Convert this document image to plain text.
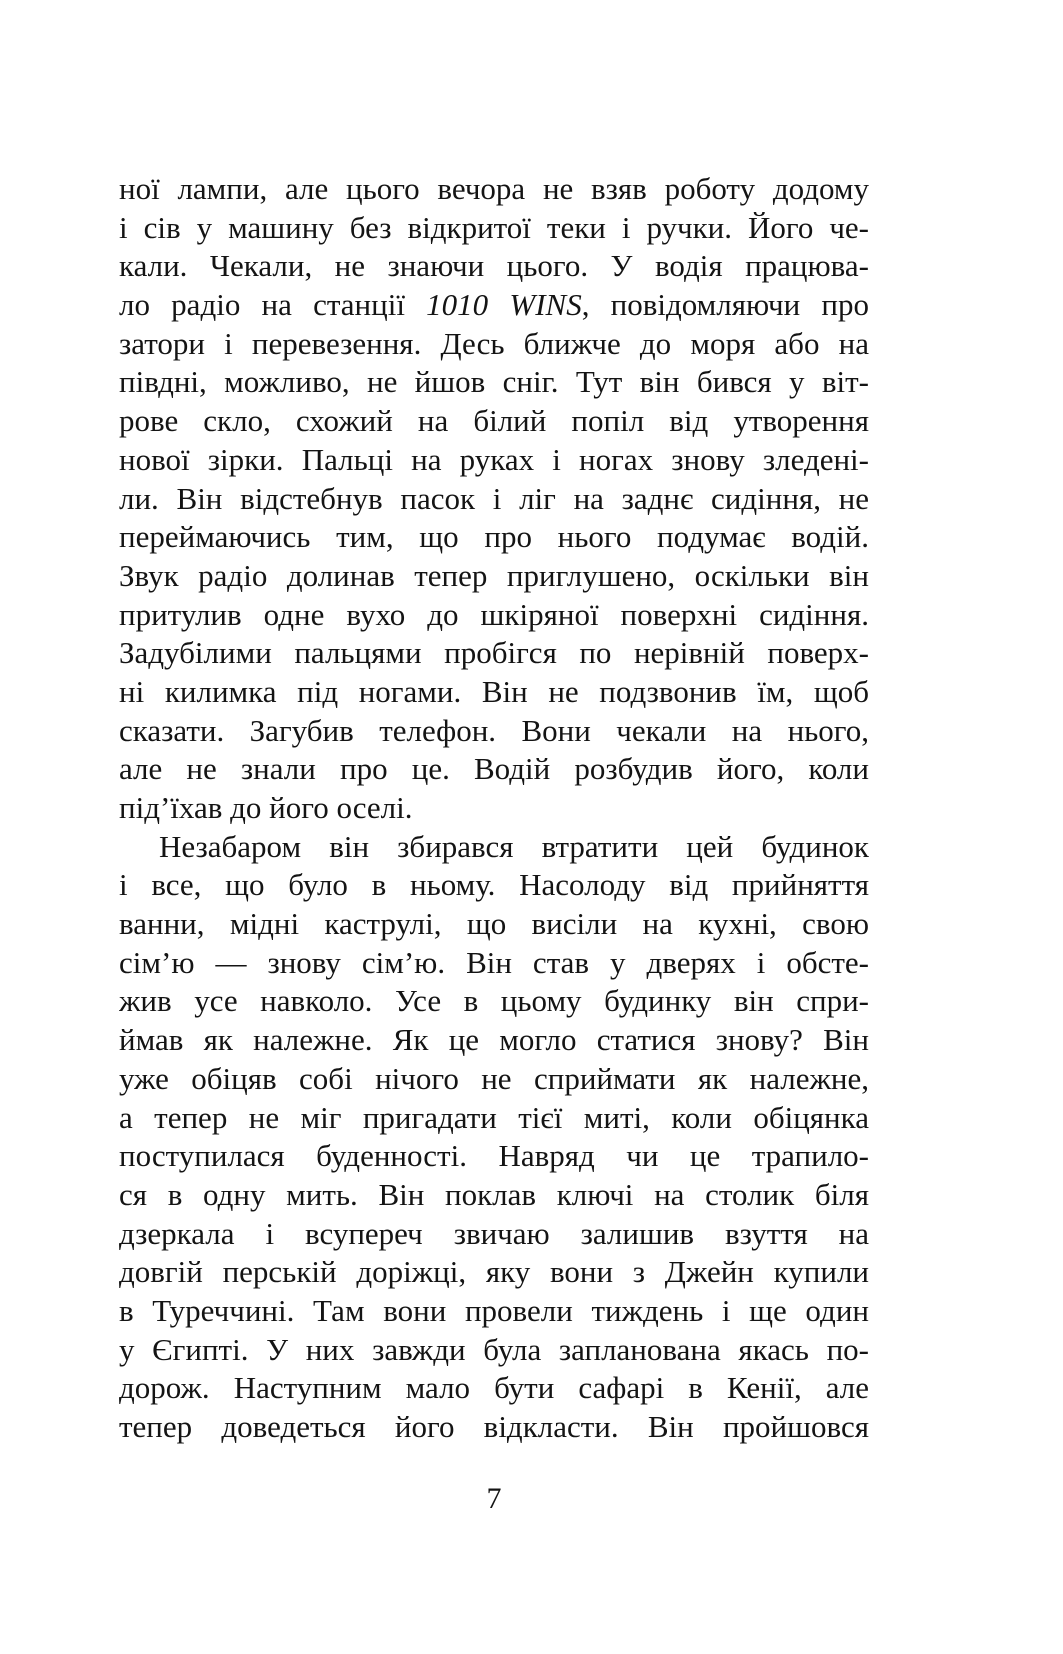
ної лампи, але цього вечора не взяв роботу додому
і сів у машину без відкритої теки і ручки. Його че-
кали. Чекали, не знаючи цього. У водія працюва-
ло радіо на станції 1010 WINS, повідомляючи про
затори і перевезення. Десь ближче до моря або на
півдні, можливо, не йшов сніг. Тут він бився у віт-
рове скло, схожий на білий попіл від утворення
нової зірки. Пальці на руках і ногах знову зледені-
ли. Він відстебнув пасок і ліг на заднє сидіння, не
переймаючись тим, що про нього подумає водій.
Звук радіо долинав тепер приглушено, оскільки він
притулив одне вухо до шкіряної поверхні сидіння.
Задубілими пальцями пробігся по нерівній поверх-
ні килимка під ногами. Він не подзвонив їм, щоб
сказати. Загубив телефон. Вони чекали на нього,
але не знали про це. Водій розбудив його, коли
під’їхав до його оселі.
Незабаром він збирався втратити цей будинок
і все, що було в ньому. Насолоду від прийняття
ванни, мідні каструлі, що висіли на кухні, свою
сім’ю — знову сім’ю. Він став у дверях і обсте-
жив усе навколо. Усе в цьому будинку він спри-
ймав як належне. Як це могло статися знову? Він
уже обіцяв собі нічого не сприймати як належне,
а тепер не міг пригадати тієї миті, коли обіцянка
поступилася буденності. Навряд чи це трапило-
ся в одну мить. Він поклав ключі на столик біля
дзеркала і всупереч звичаю залишив взуття на
довгій перській доріжці, яку вони з Джейн купили
в Туреччині. Там вони провели тиждень і ще один
у Єгипті. У них завжди була запланована якась по-
дорож. Наступним мало бути сафарі в Кенії, але
тепер доведеться його відкласти. Він пройшовся
7
